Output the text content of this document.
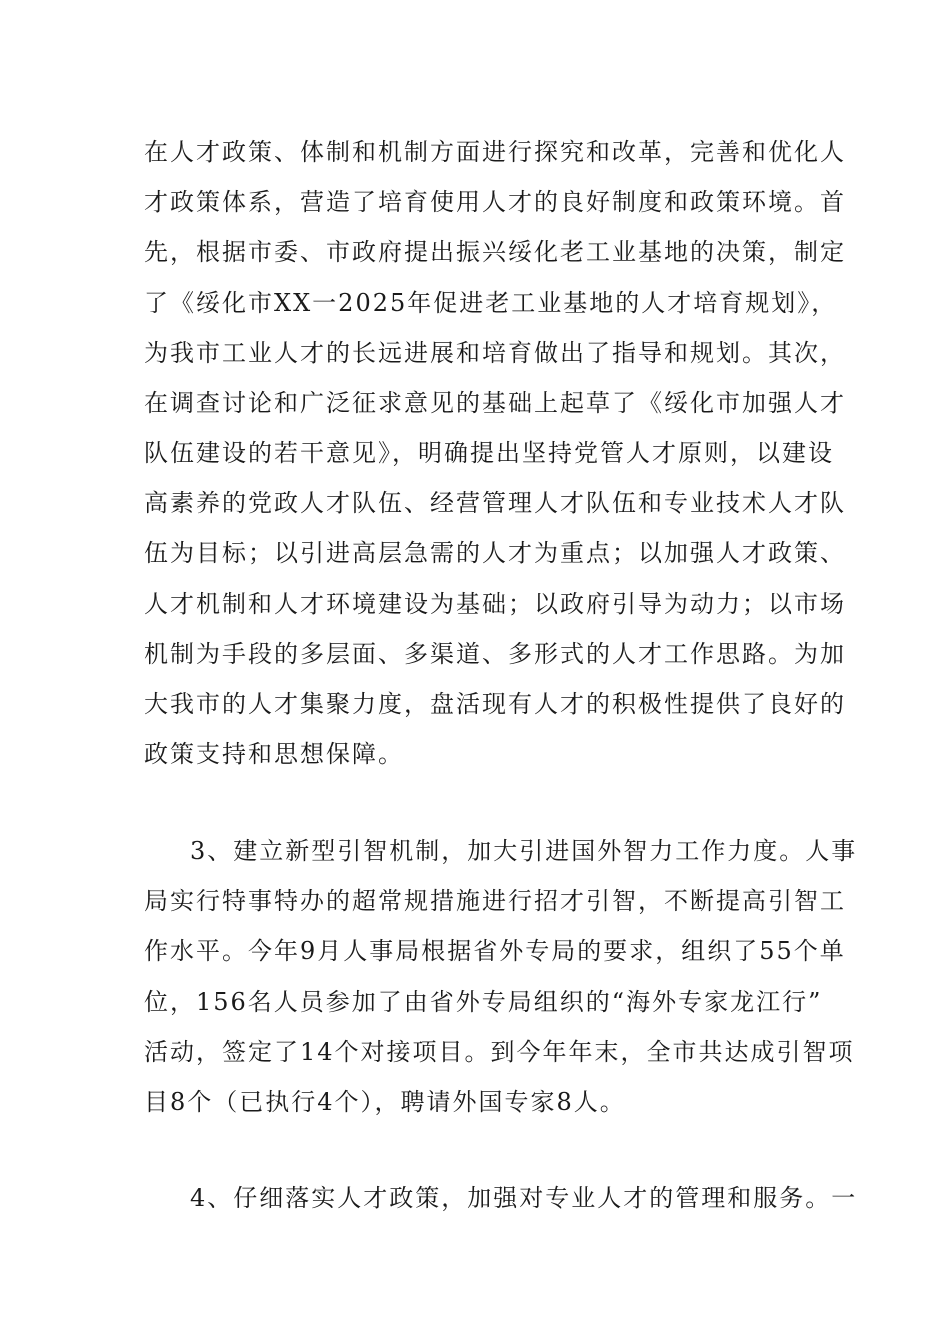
在人才政策、体制和机制方面进行探究和改革，完善和优化人
才政策体系，营造了培育使用人才的良好制度和政策环境。首
先，根据市委、市政府提出振兴绥化老工业基地的决策，制定
了《绥化市XX一2025年促进老工业基地的人才培育规划》，
为我市工业人才的长远进展和培育做出了指导和规划。其次，
在调查讨论和广泛征求意见的基础上起草了《绥化市加强人才
队伍建设的若干意见》，明确提出坚持党管人才原则，以建设
高素养的党政人才队伍、经营管理人才队伍和专业技术人才队
伍为目标；以引进高层急需的人才为重点；以加强人才政策、
人才机制和人才环境建设为基础；以政府引导为动力；以市场
机制为手段的多层面、多渠道、多形式的人才工作思路。为加
大我市的人才集聚力度，盘活现有人才的积极性提供了良好的
政策支持和思想保障。
3、建立新型引智机制，加大引进国外智力工作力度。人事
局实行特事特办的超常规措施进行招才引智，不断提高引智工
作水平。今年9月人事局根据省外专局的要求，组织了55个单
位，156名人员参加了由省外专局组织的“海外专家龙江行”
活动，签定了14个对接项目。到今年年末，全市共达成引智项
目8个（已执行4个），聘请外国专家8人。
4、仔细落实人才政策，加强对专业人才的管理和服务。一
